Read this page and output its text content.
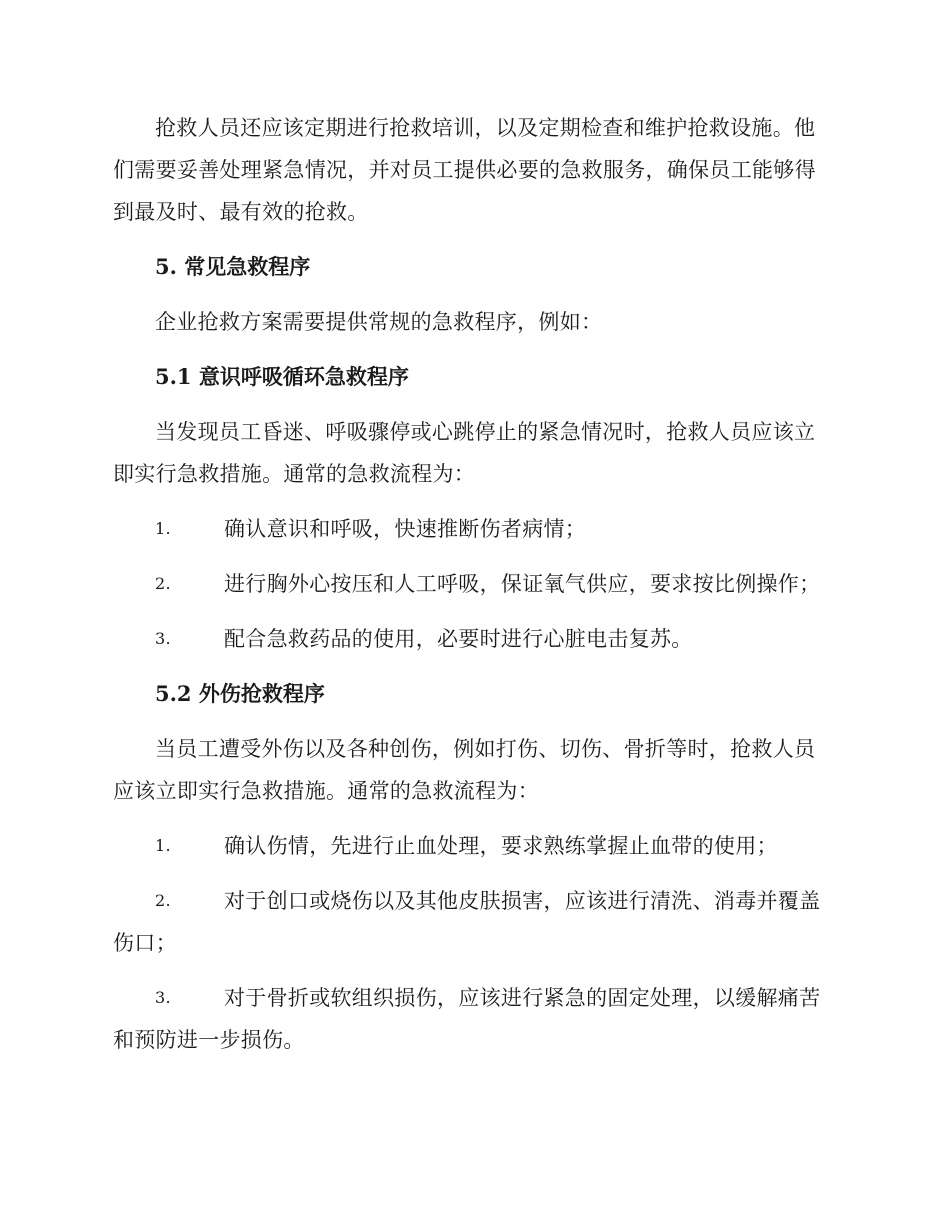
抢救人员还应该定期进行抢救培训，以及定期检查和维护抢救设施。他们需要妥善处理紧急情况，并对员工提供必要的急救服务，确保员工能够得到最及时、最有效的抢救。

5. 常见急救程序

企业抢救方案需要提供常规的急救程序，例如：

5.1 意识呼吸循环急救程序

当发现员工昏迷、呼吸骤停或心跳停止的紧急情况时，抢救人员应该立即实行急救措施。通常的急救流程为：

1.	确认意识和呼吸，快速推断伤者病情；
2.	进行胸外心按压和人工呼吸，保证氧气供应，要求按比例操作；
3.	配合急救药品的使用，必要时进行心脏电击复苏。
5.2 外伤抢救程序

当员工遭受外伤以及各种创伤，例如打伤、切伤、骨折等时，抢救人员应该立即实行急救措施。通常的急救流程为：

1.	确认伤情，先进行止血处理，要求熟练掌握止血带的使用；
2.	对于创口或烧伤以及其他皮肤损害，应该进行清洗、消毒并覆盖伤口；
3.	对于骨折或软组织损伤，应该进行紧急的固定处理，以缓解痛苦和预防进一步损伤。
